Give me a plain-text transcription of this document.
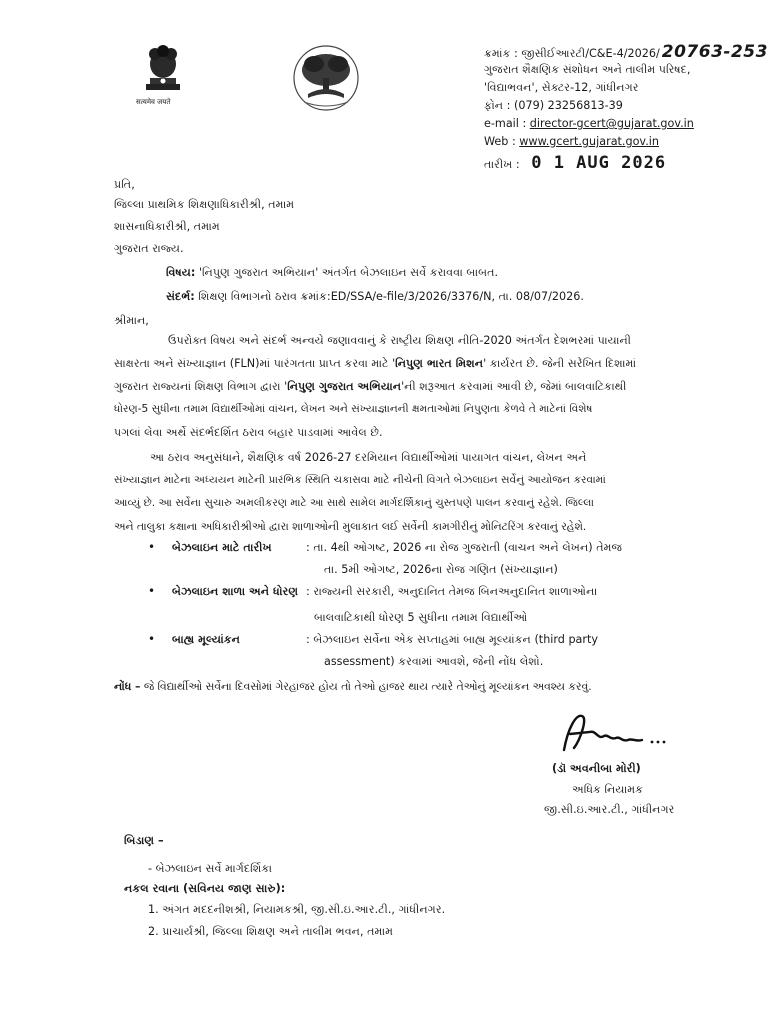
सत्यमेव जयते
ક્રમાંક : જીસીઈઆરટી/C&E-4/2026/ 20763-253
ગુજરાત શૈક્ષણિક સંશોધન અને તાલીમ પરિષદ,
'વિદ્યાભવન', સેક્ટર-12, ગાંધીનગર
ફોન : (079) 23256813-39
e-mail : director-gcert@gujarat.gov.in
Web : www.gcert.gujarat.gov.in
તારીખ : 0 1 AUG 2026
પ્રતિ,
જિલ્લા પ્રાથમિક શિક્ષણાધિકારીશ્રી, તમામ
શાસનાધિકારીશ્રી, તમામ
ગુજરાત રાજ્ય.
વિષય: 'નિપુણ ગુજરાત અભિયાન' અંતર્ગત બેઝલાઇન સર્વે કરાવવા બાબત.
સંદર્ભ: શિક્ષણ વિભાગનો ઠરાવ ક્રમાંક:ED/SSA/e-file/3/2026/3376/N, તા. 08/07/2026.
શ્રીમાન,
ઉપરોક્ત વિષય અને સંદર્ભ અન્વયે જણાવવાનું કે રાષ્ટ્રીય શિક્ષણ નીતિ-2020 અંતર્ગત દેશભરમાં પાયાની
સાક્ષરતા અને સંખ્યાજ્ઞાન (FLN)માં પારંગતતા પ્રાપ્ત કરવા માટે 'નિપુણ ભારત મિશન' કાર્યરત છે. જેની સરેખિત દિશામાં
ગુજરાત રાજ્યનાં શિક્ષણ વિભાગ દ્વારા 'નિપુણ ગુજરાત અભિયાન'ની શરૂઆત કરવામાં આવી છે, જેમાં બાલવાટિકાથી
ધોરણ-5 સુધીના તમામ વિદ્યાર્થીઓમાં વાંચન, લેખન અને સંખ્યાજ્ઞાનની ક્ષમતાઓમાં નિપુણતા કેળવે તે માટેનાં વિશેષ
પગલાં લેવા અર્થે સંદર્ભદર્શિત ઠરાવ બહાર પાડવામાં આવેલ છે.
આ ઠરાવ અનુસંધાને, શૈક્ષણિક વર્ષ 2026-27 દરમિયાન વિદ્યાર્થીઓમાં પાયાગત વાંચન, લેખન અને
સંખ્યાજ્ઞાન માટેના અધ્યયન માટેની પ્રારંભિક સ્થિતિ ચકાસવા માટે નીચેની વિગતે બેઝલાઇન સર્વેનું આયોજન કરવામાં
આવ્યું છે. આ સર્વેના સુચારુ અમલીકરણ માટે આ સાથે સામેલ માર્ગદર્શિકાનું ચુસ્તપણે પાલન કરવાનું રહેશે. જિલ્લા
અને તાલુકા કક્ષાના અધિકારીશ્રીઓ દ્વારા શાળાઓની મુલાકાત લઈ સર્વેની કામગીરીનું મોનિટરિંગ કરવાનું રહેશે.
• બેઝલાઇન માટે તારીખ	: તા. 4થી ઓગષ્ટ, 2026 ના રોજ ગુજરાતી (વાચન અને લેખન) તેમજ
તા. 5મી ઓગષ્ટ, 2026ના રોજ ગણિત (સંખ્યાજ્ઞાન)
• બેઝલાઇન શાળા અને ધોરણ : રાજ્યની સરકારી, અનુદાનિત તેમજ બિનઅનુદાનિત શાળાઓના
બાલવાટિકાથી ધોરણ 5 સુધીના તમામ વિદ્યાર્થીઓ
• બાહ્ય મૂલ્યાંકન	: બેઝલાઇન સર્વેના એક સપ્તાહમાં બાહ્ય મૂલ્યાંકન (third party
assessment) કરવામાં આવશે, જેની નોંધ લેશો.
નોંધ – જે વિદ્યાર્થીઓ સર્વેના દિવસોમાં ગેરહાજર હોય તો તેઓ હાજર થાય ત્યારે તેઓનું મૂલ્યાંકન અવશ્ય કરવું.
(ડૉ અવનીબા મોરી)
અધિક નિયામક
જી.સી.ઇ.આર.ટી., ગાંધીનગર
બિડાણ –
- બેઝલાઇન સર્વે માર્ગદર્શિકા
નકલ રવાના (સવિનય જાણ સારુ):
1. અંગત મદદનીશશ્રી, નિયામકશ્રી, જી.સી.ઇ.આર.ટી., ગાંધીનગર.
2. પ્રાચાર્યશ્રી, જિલ્લા શિક્ષણ અને તાલીમ ભવન, તમામ
